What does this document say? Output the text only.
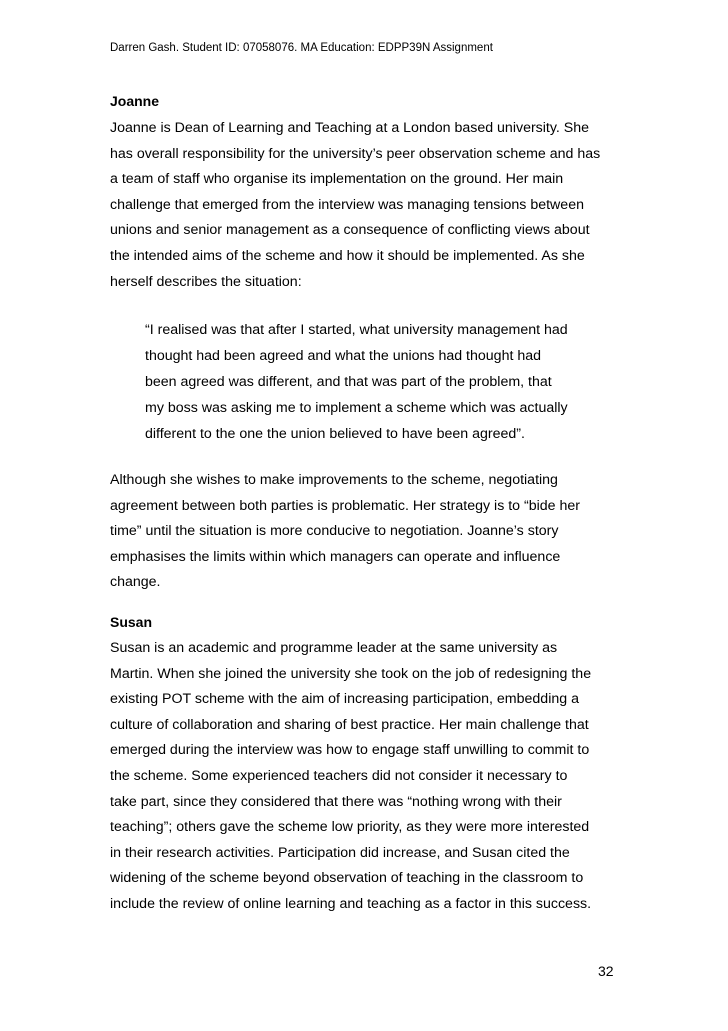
Darren Gash. Student ID: 07058076. MA Education: EDPP39N Assignment
Joanne

Joanne is Dean of Learning and Teaching at a London based university. She
has overall responsibility for the university’s peer observation scheme and has
a team of staff who organise its implementation on the ground. Her main
challenge that emerged from the interview was managing tensions between
unions and senior management as a consequence of conflicting views about
the intended aims of the scheme and how it should be implemented. As she
herself describes the situation:

“I realised was that after I started, what university management had
thought had been agreed and what the unions had thought had
been agreed was different, and that was part of the problem, that
my boss was asking me to implement a scheme which was actually
different to the one the union believed to have been agreed”.

Although she wishes to make improvements to the scheme, negotiating
agreement between both parties is problematic. Her strategy is to “bide her
time” until the situation is more conducive to negotiation. Joanne’s story
emphasises the limits within which managers can operate and influence
change.

Susan

Susan is an academic and programme leader at the same university as
Martin. When she joined the university she took on the job of redesigning the
existing POT scheme with the aim of increasing participation, embedding a
culture of collaboration and sharing of best practice. Her main challenge that
emerged during the interview was how to engage staff unwilling to commit to
the scheme. Some experienced teachers did not consider it necessary to
take part, since they considered that there was “nothing wrong with their
teaching”; others gave the scheme low priority, as they were more interested
in their research activities. Participation did increase, and Susan cited the
widening of the scheme beyond observation of teaching in the classroom to
include the review of online learning and teaching as a factor in this success.

32
